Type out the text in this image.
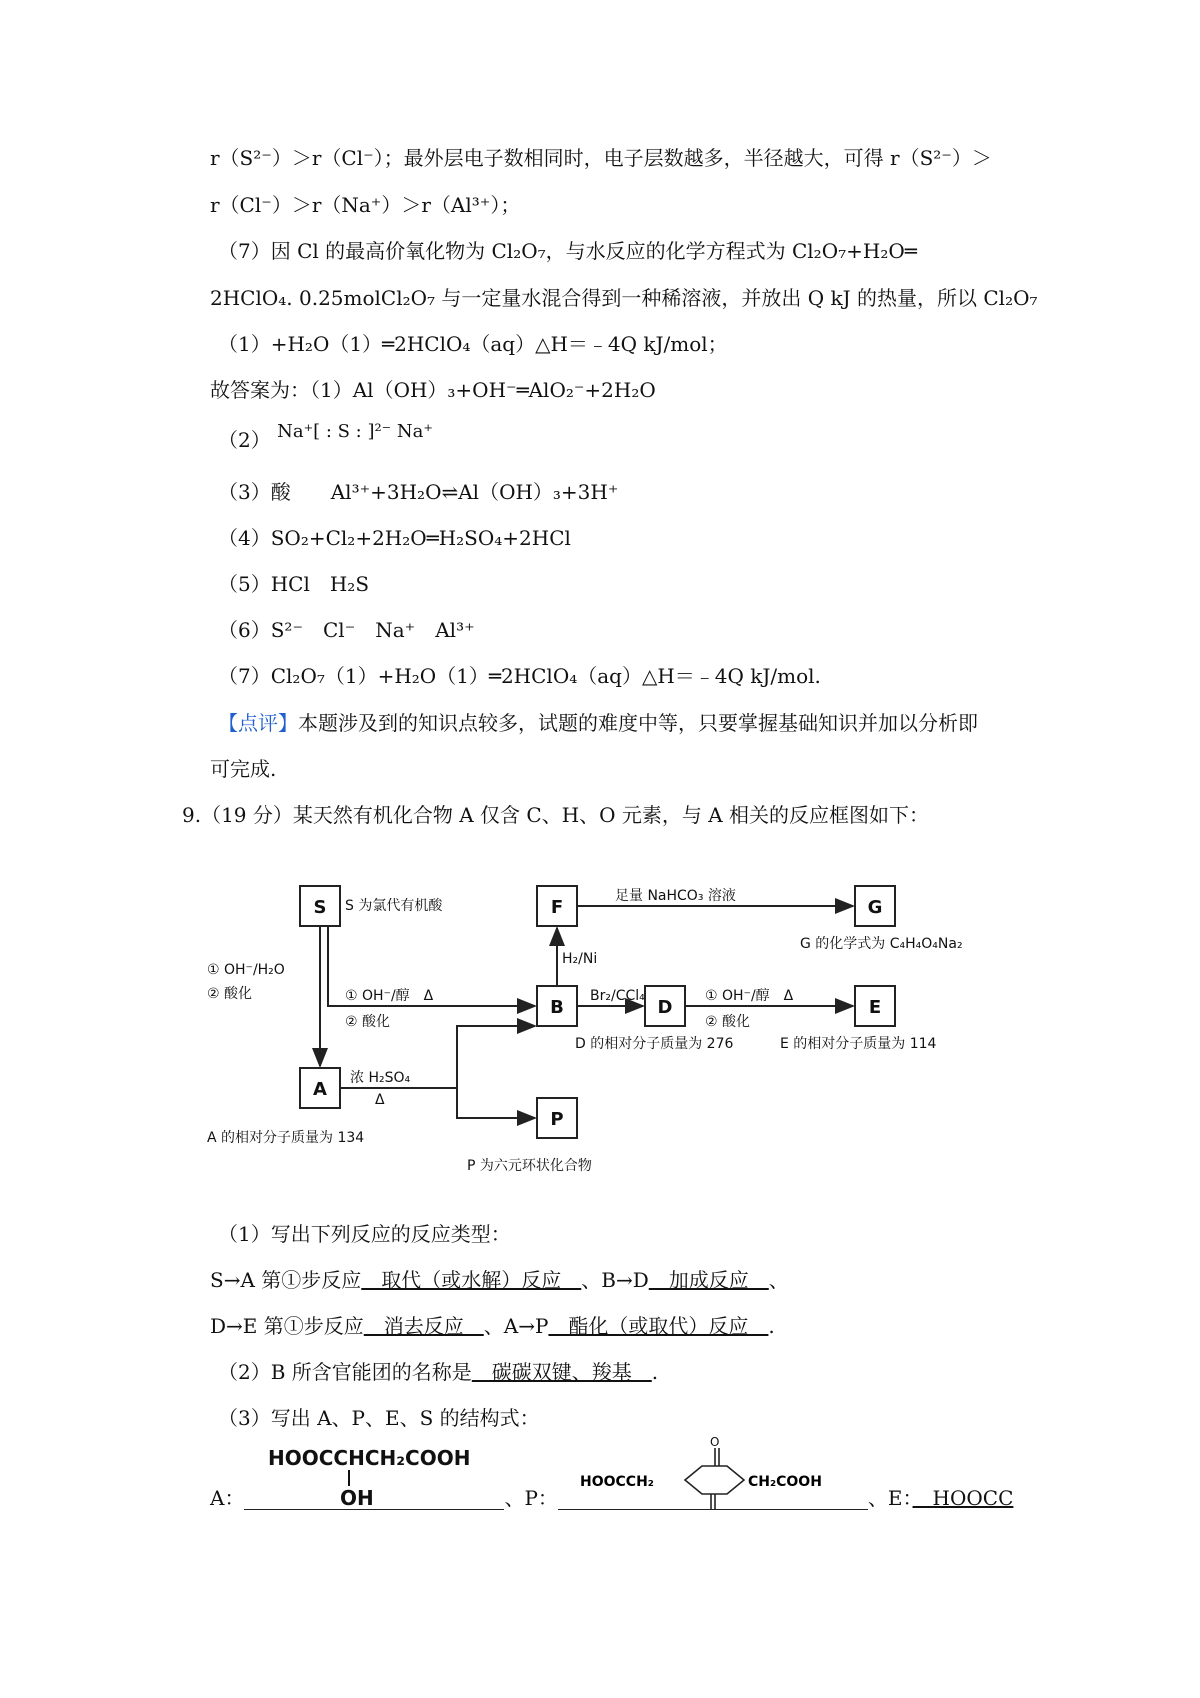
r（S²⁻）＞r（Cl⁻）；最外层电子数相同时，电子层数越多，半径越大，可得 r（S²⁻）＞
r（Cl⁻）＞r（Na⁺）＞r（Al³⁺）；
（7）因 Cl 的最高价氧化物为 Cl₂O₇，与水反应的化学方程式为 Cl₂O₇+H₂O═
2HClO₄. 0.25molCl₂O₇ 与一定量水混合得到一种稀溶液，并放出 Q kJ 的热量，所以 Cl₂O₇
（1）+H₂O（1）═2HClO₄（aq）△H＝﹣4Q kJ/mol；
故答案为：（1）Al（OH）₃+OH⁻═AlO₂⁻+2H₂O
（2） Na⁺[ : S : ]²⁻ Na⁺
（3）酸　　Al³⁺+3H₂O⇌Al（OH）₃+3H⁺
（4）SO₂+Cl₂+2H₂O═H₂SO₄+2HCl
（5）HCl　H₂S
（6）S²⁻　Cl⁻　Na⁺　Al³⁺
（7）Cl₂O₇（1）+H₂O（1）═2HClO₄（aq）△H＝﹣4Q kJ/mol.
【点评】本题涉及到的知识点较多，试题的难度中等，只要掌握基础知识并加以分析即
可完成.
9.（19 分）某天然有机化合物 A 仅含 C、H、O 元素，与 A 相关的反应框图如下：
S
A
F
B
P
D
G
E
S 为氯代有机酸
足量 NaHCO₃ 溶液
G 的化学式为 C₄H₄O₄Na₂
H₂/Ni
① OH⁻/H₂O
② 酸化	① OH⁻/醇　Δ
② 酸化
Br₂/CCl₄	① OH⁻/醇　Δ
② 酸化
D 的相对分子质量为 276	E 的相对分子质量为 114
浓 H₂SO₄
Δ
A 的相对分子质量为 134
P 为六元环状化合物
（1）写出下列反应的反应类型：
S→A 第①步反应　取代（或水解）反应　、B→D　加成反应　、
D→E 第①步反应　消去反应　、A→P　酯化（或取代）反应　.
（2）B 所含官能团的名称是　碳碳双键、羧基　.
（3）写出 A、P、E、S 的结构式：
HOOCCHCH₂COOH
OH
HOOCCH₂
O
CH₂COOH
A：	、P：	、E：　 HOOCC
